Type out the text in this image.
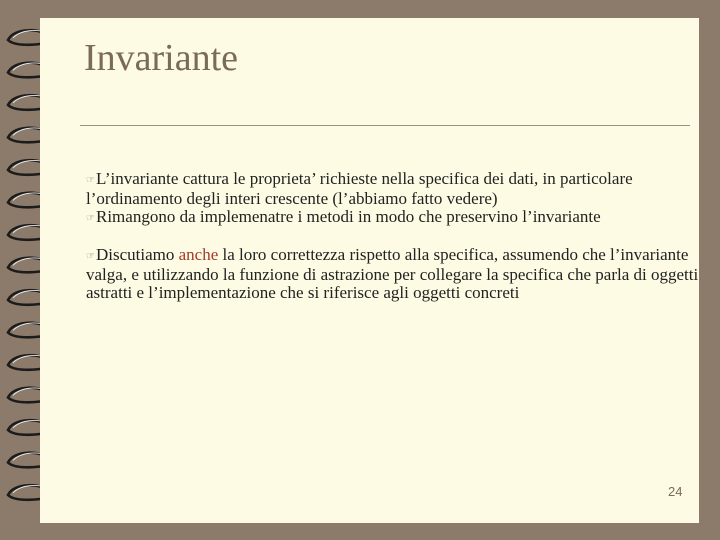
Invariante

☞L’invariante cattura le proprieta’ richieste nella specifica dei dati, in particolare l’ordinamento degli interi crescente (l’abbiamo fatto vedere)

☞Rimangono da implemenatre i metodi in modo che preservino l’invariante

☞Discutiamo anche la loro correttezza rispetto alla specifica, assumendo che l’invariante valga, e utilizzando la funzione di astrazione per collegare la specifica che parla di oggetti astratti e l’implementazione che si riferisce agli oggetti concreti

24
